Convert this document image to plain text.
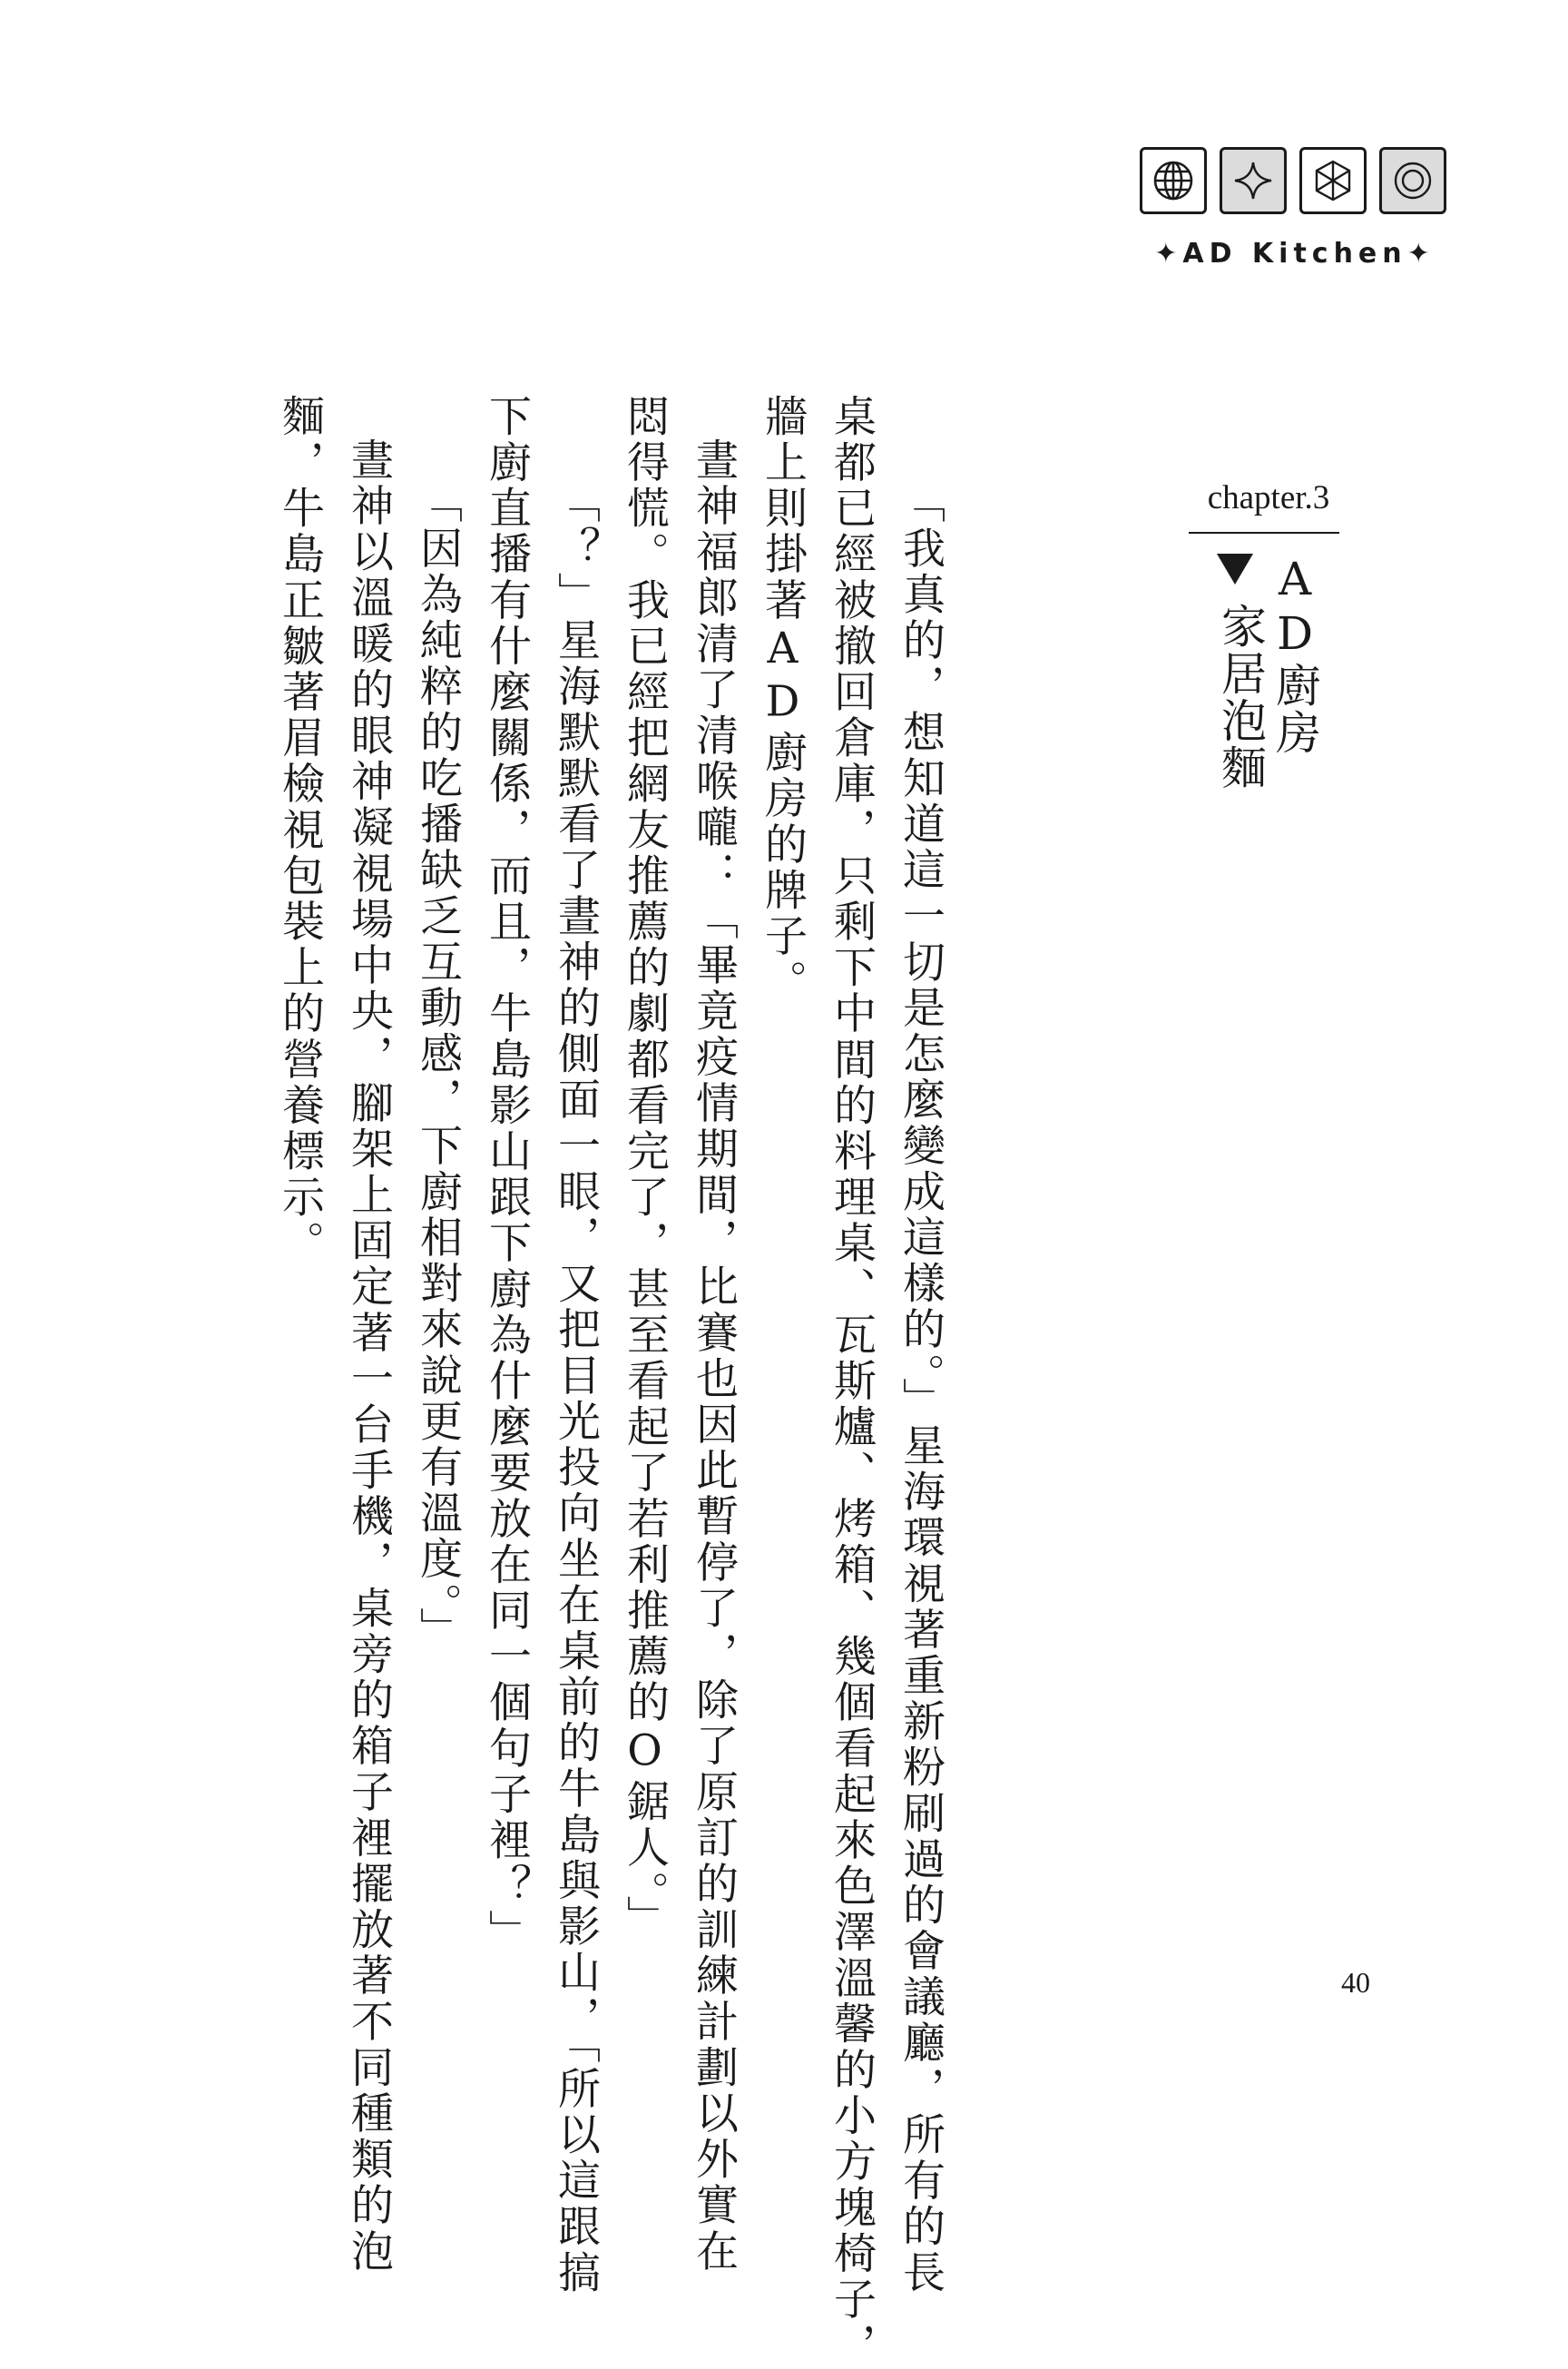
✦AD Kitchen✦
chapter.3
AD廚房
家居泡麵
「我真的，想知道這一切是怎麼變成這樣的。」星海環視著重新粉刷過的會議廳，所有的長
桌都已經被撤回倉庫，只剩下中間的料理桌、瓦斯爐、烤箱、幾個看起來色澤溫馨的小方塊椅子，
牆上則掛著AD廚房的牌子。
晝神福郎清了清喉嚨：「畢竟疫情期間，比賽也因此暫停了，除了原訂的訓練計劃以外實在
悶得慌。我已經把網友推薦的劇都看完了，甚至看起了若利推薦的O鋸人。」
「？」星海默默看了晝神的側面一眼，又把目光投向坐在桌前的牛島與影山，「所以這跟搞
下廚直播有什麼關係，而且，牛島影山跟下廚為什麼要放在同一個句子裡？」
「因為純粹的吃播缺乏互動感，下廚相對來說更有溫度。」
晝神以溫暖的眼神凝視場中央，腳架上固定著一台手機，桌旁的箱子裡擺放著不同種類的泡
麵，牛島正皺著眉檢視包裝上的營養標示。
40
